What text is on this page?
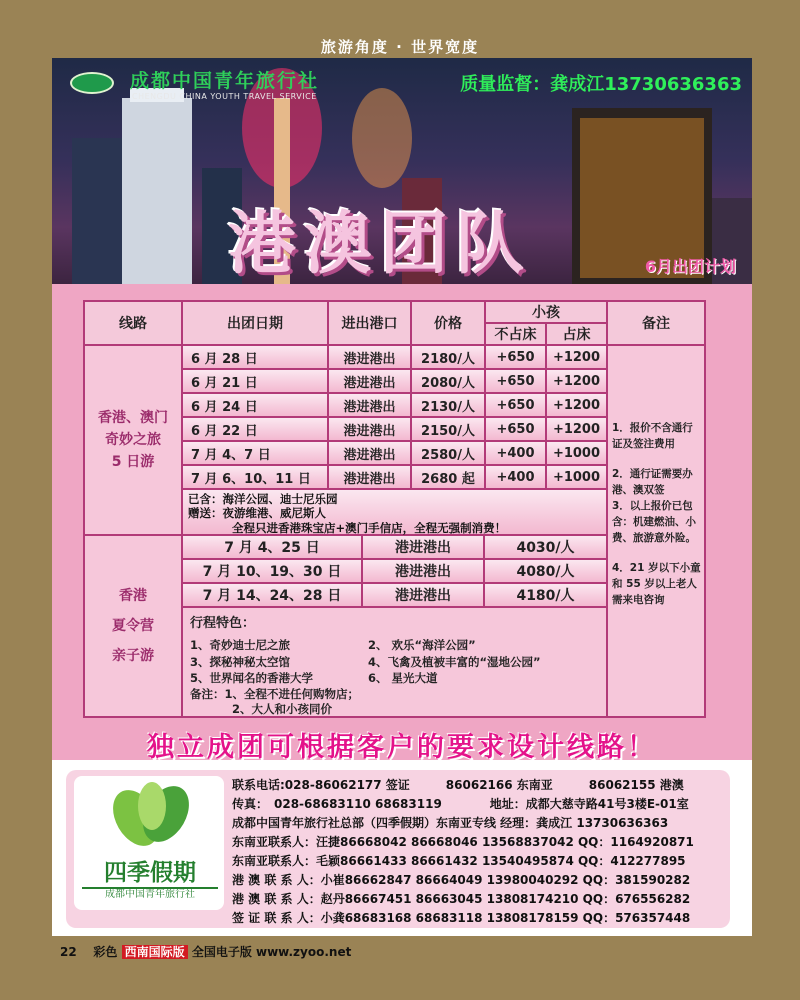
旅游角度 · 世界宽度
成都中国青年旅行社
CHENGDU CHINA YOUTH TRAVEL SERVICE
质量监督：龚成江13730636363
港澳团队	6月出团计划
线路	出团日期	进出港口	价格
小孩
不占床	占床
备注
香港、澳门
奇妙之旅
5 日游
6 月 28 日	港进港出	2180/人	+650	+1200
6 月 21 日	港进港出	2080/人	+650	+1200
6 月 24 日	港进港出	2130/人	+650	+1200
6 月 22 日	港进港出	2150/人	+650	+1200
7 月 4、7 日	港进港出	2580/人	+400	+1000
7 月 6、10、11 日	港进港出	2680 起	+400	+1000
已含：海洋公园、迪士尼乐园
赠送：夜游维港、威尼斯人
全程只进香港珠宝店+澳门手信店，全程无强制消费！
1．报价不含通行证及签注费用
2．通行证需要办港、澳双签
3．以上报价已包含：机建燃油、小费、旅游意外险。
4．21 岁以下小童和 55 岁以上老人需来电咨询
香港
夏令营
亲子游
7 月 4、25 日	港进港出	4030/人
7 月 10、19、30 日	港进港出	4080/人
7 月 14、24、28 日	港进港出	4180/人
行程特色：
1、奇妙迪士尼之旅	2、 欢乐“海洋公园”
3、探秘神秘太空馆	4、飞禽及植被丰富的“湿地公园”
5、世界闻名的香港大学	6、 星光大道
备注：1、全程不进任何购物店；
2、大人和小孩同价
独立成团可根据客户的要求设计线路！
四季假期
成都中国青年旅行社
联系电话:028-86062177 签证　　　86062166 东南亚　　　86062155 港澳
传真：　028-68683110 68683119　　　　地址：成都大慈寺路41号3楼E-01室
成都中国青年旅行社总部（四季假期）东南亚专线 经理：龚成江 13730636363
东南亚联系人：汪捷86668042 86668046 13568837042 QQ：1164920871
东南亚联系人：毛颖86661433 86661432 13540495874 QQ：412277895
港 澳 联 系 人：小崔86662847 86664049 13980040292 QQ：381590282
港 澳 联 系 人：赵丹86667451 86663045 13808174210 QQ：676556282
签 证 联 系 人：小龚68683168 68683118 13808178159 QQ：576357448
22 彩色 西南国际版 全国电子版 www.zyoo.net
